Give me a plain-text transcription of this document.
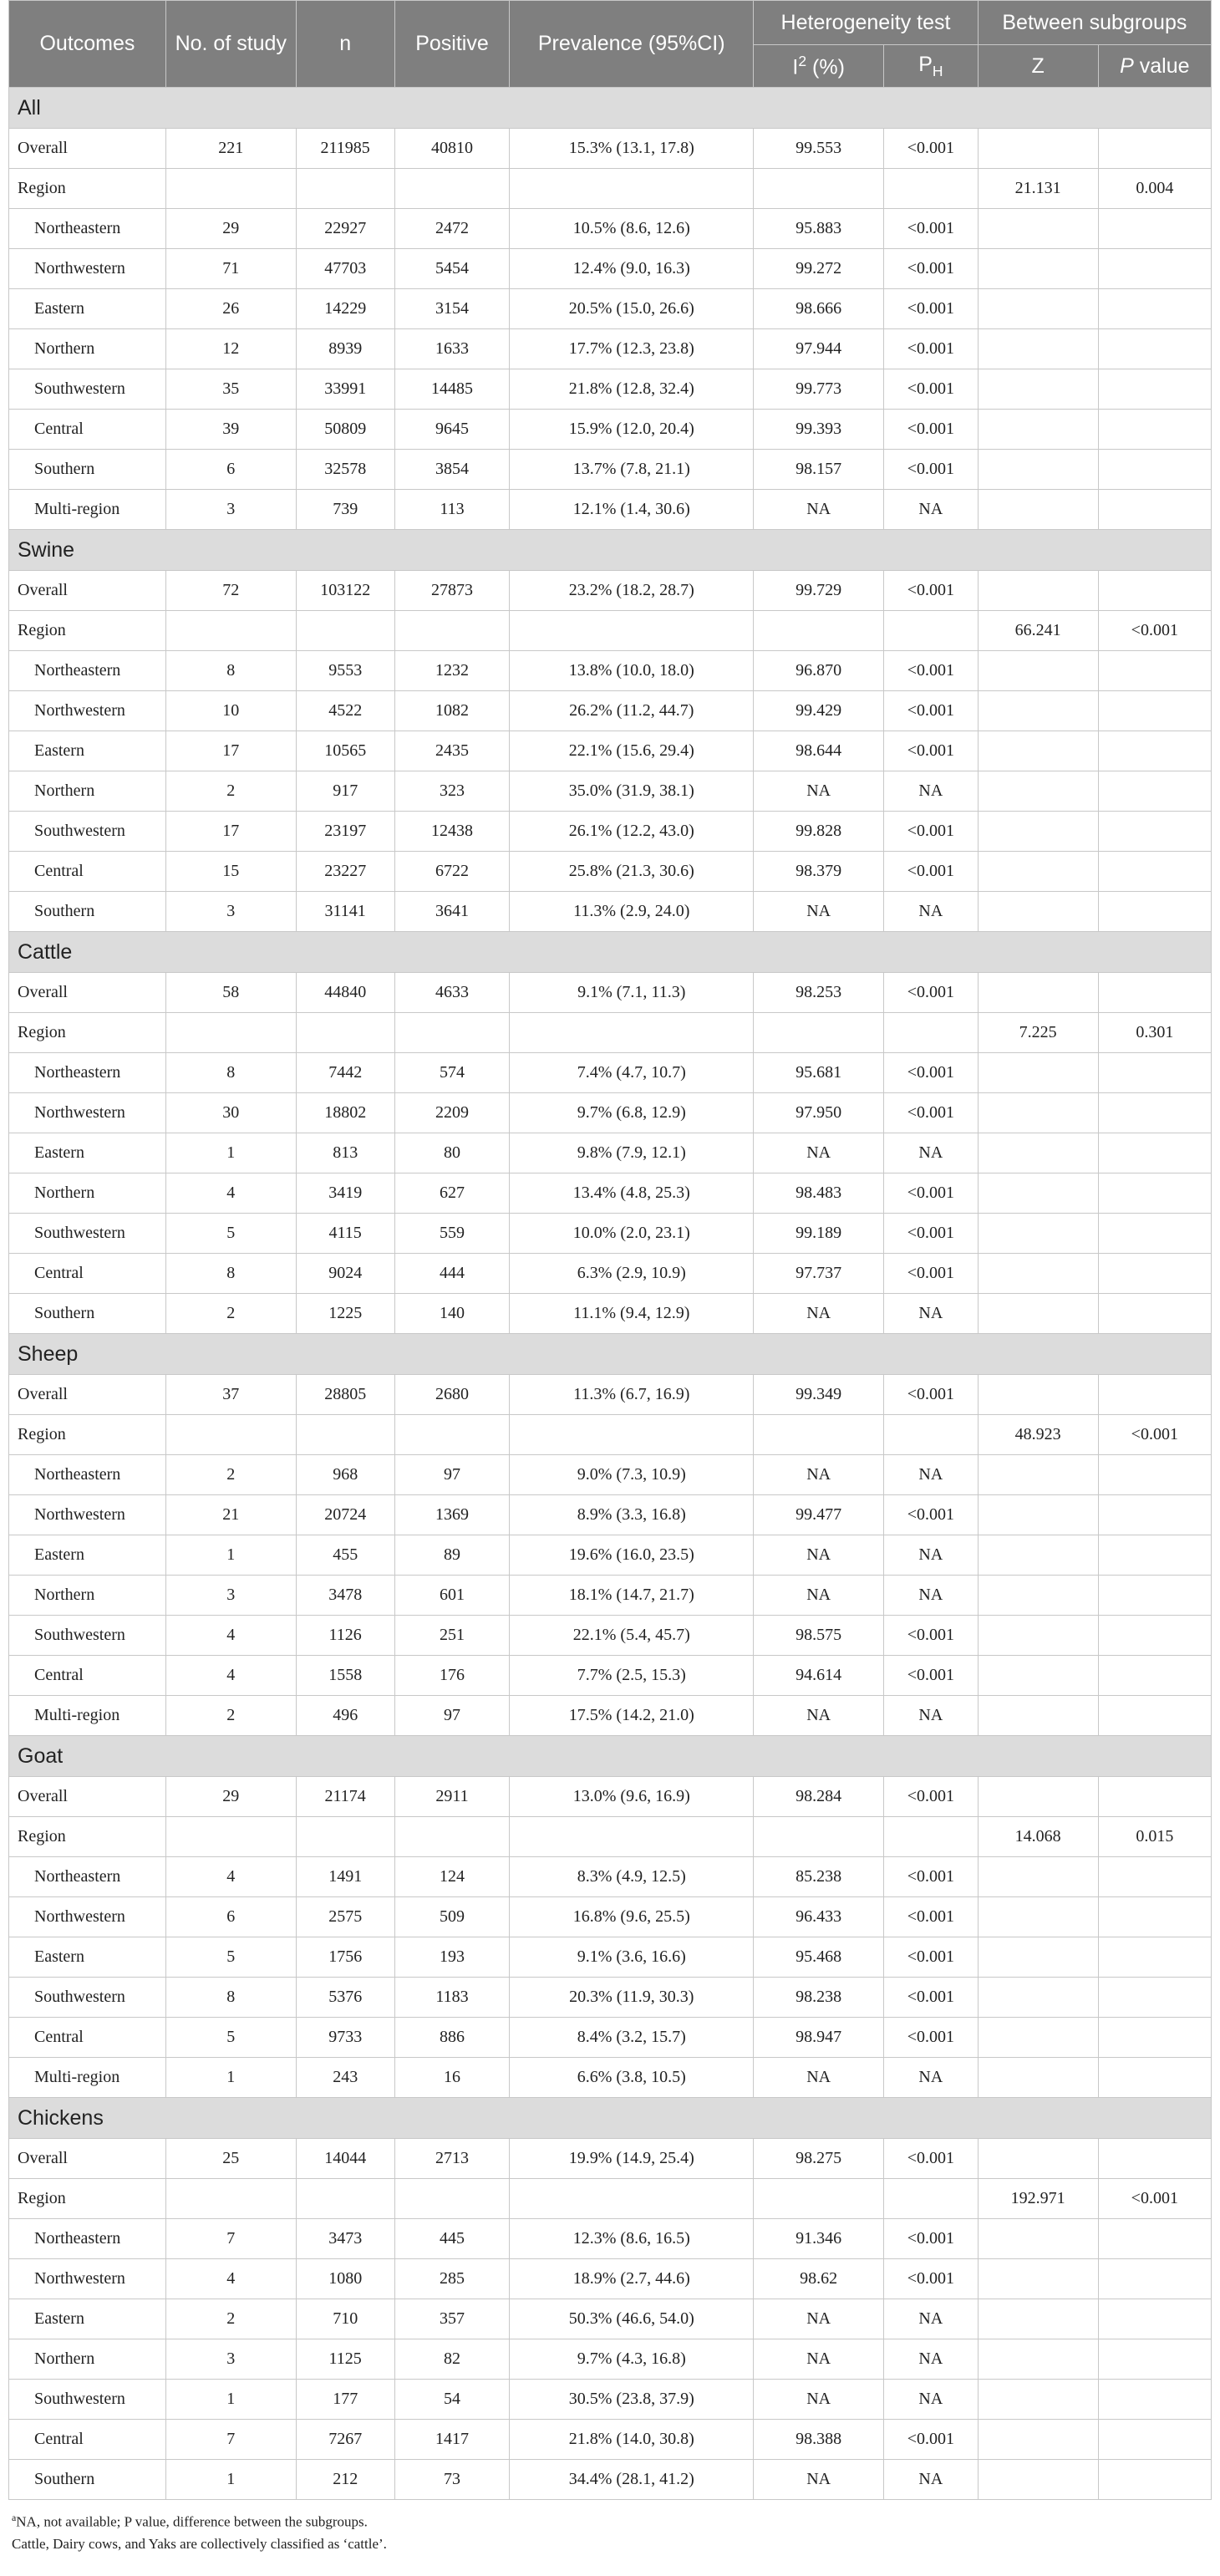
Outcomes	No. of study	n	Positive	Prevalence (95%CI)	Heterogeneity test		Between subgroups	
					$I^2$ (%)	$P_H$	Z	P value
All								
Overall	221	211985	40810	15.3% (13.1, 17.8)	99.553	<0.001		
Region							21.131	0.004
Northeastern	29	22927	2472	10.5% (8.6, 12.6)	95.883	<0.001		
Northwestern	71	47703	5454	12.4% (9.0, 16.3)	99.272	<0.001		
Eastern	26	14229	3154	20.5% (15.0, 26.6)	98.666	<0.001		
Northern	12	8939	1633	17.7% (12.3, 23.8)	97.944	<0.001		
Southwestern	35	33991	14485	21.8% (12.8, 32.4)	99.773	<0.001		
Central	39	50809	9645	15.9% (12.0, 20.4)	99.393	<0.001		
Southern	6	32578	3854	13.7% (7.8, 21.1)	98.157	<0.001		
Multi-region	3	739	113	12.1% (1.4, 30.6)	NA	NA		
Swine								
Overall	72	103122	27873	23.2% (18.2, 28.7)	99.729	<0.001		
Region							66.241	<0.001
Northeastern	8	9553	1232	13.8% (10.0, 18.0)	96.870	<0.001		
Northwestern	10	4522	1082	26.2% (11.2, 44.7)	99.429	<0.001		
Eastern	17	10565	2435	22.1% (15.6, 29.4)	98.644	<0.001		
Northern	2	917	323	35.0% (31.9, 38.1)	NA	NA		
Southwestern	17	23197	12438	26.1% (12.2, 43.0)	99.828	<0.001		
Central	15	23227	6722	25.8% (21.3, 30.6)	98.379	<0.001		
Southern	3	31141	3641	11.3% (2.9, 24.0)	NA	NA		
Cattle								
Overall	58	44840	4633	9.1% (7.1, 11.3)	98.253	<0.001		
Region							7.225	0.301
Northeastern	8	7442	574	7.4% (4.7, 10.7)	95.681	<0.001		
Northwestern	30	18802	2209	9.7% (6.8, 12.9)	97.950	<0.001		
Eastern	1	813	80	9.8% (7.9, 12.1)	NA	NA		
Northern	4	3419	627	13.4% (4.8, 25.3)	98.483	<0.001		
Southwestern	5	4115	559	10.0% (2.0, 23.1)	99.189	<0.001		
Central	8	9024	444	6.3% (2.9, 10.9)	97.737	<0.001		
Southern	2	1225	140	11.1% (9.4, 12.9)	NA	NA		
Sheep								
Overall	37	28805	2680	11.3% (6.7, 16.9)	99.349	<0.001		
Region							48.923	<0.001
Northeastern	2	968	97	9.0% (7.3, 10.9)	NA	NA		
Northwestern	21	20724	1369	8.9% (3.3, 16.8)	99.477	<0.001		
Eastern	1	455	89	19.6% (16.0, 23.5)	NA	NA		
Northern	3	3478	601	18.1% (14.7, 21.7)	NA	NA		
Southwestern	4	1126	251	22.1% (5.4, 45.7)	98.575	<0.001		
Central	4	1558	176	7.7% (2.5, 15.3)	94.614	<0.001		
Multi-region	2	496	97	17.5% (14.2, 21.0)	NA	NA		
Goat								
Overall	29	21174	2911	13.0% (9.6, 16.9)	98.284	<0.001		
Region							14.068	0.015
Northeastern	4	1491	124	8.3% (4.9, 12.5)	85.238	<0.001		
Northwestern	6	2575	509	16.8% (9.6, 25.5)	96.433	<0.001		
Eastern	5	1756	193	9.1% (3.6, 16.6)	95.468	<0.001		
Southwestern	8	5376	1183	20.3% (11.9, 30.3)	98.238	<0.001		
Central	5	9733	886	8.4% (3.2, 15.7)	98.947	<0.001		
Multi-region	1	243	16	6.6% (3.8, 10.5)	NA	NA		
Chickens								
Overall	25	14044	2713	19.9% (14.9, 25.4)	98.275	<0.001		
Region							192.971	<0.001
Northeastern	7	3473	445	12.3% (8.6, 16.5)	91.346	<0.001		
Northwestern	4	1080	285	18.9% (2.7, 44.6)	98.62	<0.001		
Eastern	2	710	357	50.3% (46.6, 54.0)	NA	NA		
Northern	3	1125	82	9.7% (4.3, 16.8)	NA	NA		
Southwestern	1	177	54	30.5% (23.8, 37.9)	NA	NA		
Central	7	7267	1417	21.8% (14.0, 30.8)	98.388	<0.001		
Southern	1	212	73	34.4% (28.1, 41.2)	NA	NA		
$^a$NA, not available; P value, difference between the subgroups.
Cattle, Dairy cows, and Yaks are collectively classified as ‘cattle’.
